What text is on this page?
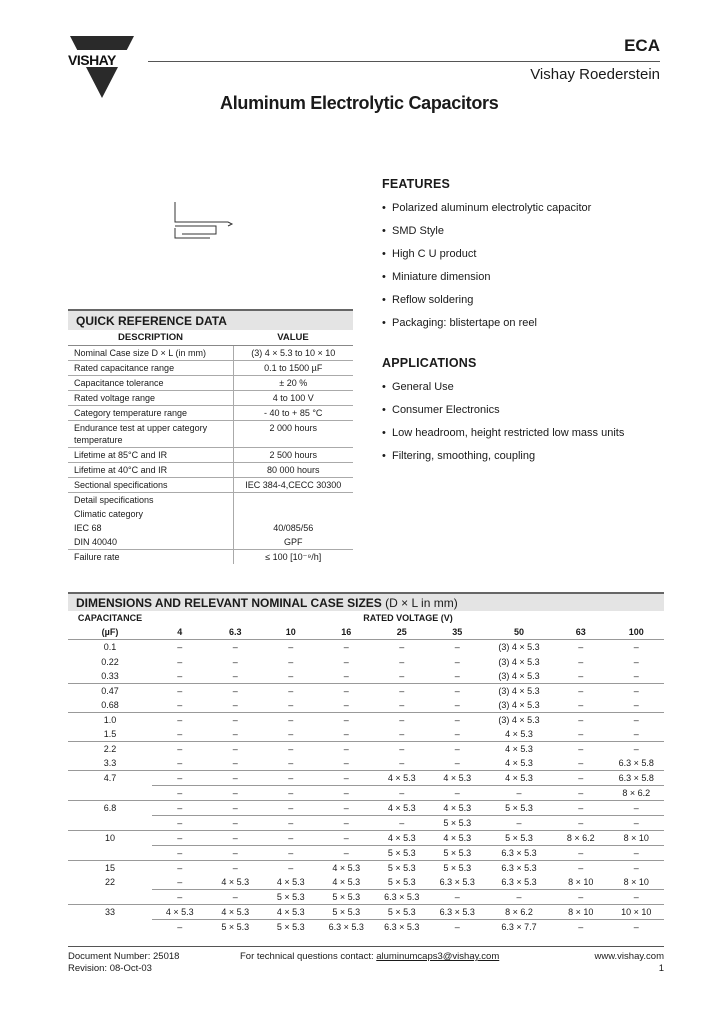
VISHAY
ECA
Vishay Roederstein
Aluminum Electrolytic Capacitors
FEATURES
• Polarized aluminum electrolytic capacitor
• SMD Style
• High C U product
• Miniature dimension
• Reflow soldering
• Packaging: blistertape on reel
APPLICATIONS
• General Use
• Consumer Electronics
• Low headroom, height restricted low mass units
• Filtering, smoothing, coupling
QUICK REFERENCE DATA
DESCRIPTION	VALUE
Nominal Case size D × L (in mm)	(3) 4 × 5.3 to 10 × 10
Rated capacitance range	0.1 to 1500 µF
Capacitance tolerance	± 20 %
Rated voltage range	4 to 100 V
Category temperature range	- 40 to + 85 °C
Endurance test at upper category temperature	2 000 hours
Lifetime at 85°C and IR	2 500 hours
Lifetime at 40°C and IR	80 000 hours
Sectional specifications	IEC 384-4,CECC 30300
Detail specifications	
Climatic category	
IEC 68	40/085/56
DIN 40040	GPF
Failure rate	≤ 100 [10⁻⁹/h]
DIMENSIONS AND RELEVANT NOMINAL CASE SIZES (D × L in mm)
CAPACITANCE	RATED VOLTAGE (V)								
(µF)	4	6.3	10	16	25	35	50	63	100
0.1	–	–	–	–	–	–	(3) 4 × 5.3	–	–
0.22	–	–	–	–	–	–	(3) 4 × 5.3	–	–
0.33	–	–	–	–	–	–	(3) 4 × 5.3	–	–
0.47	–	–	–	–	–	–	(3) 4 × 5.3	–	–
0.68	–	–	–	–	–	–	(3) 4 × 5.3	–	–
1.0	–	–	–	–	–	–	(3) 4 × 5.3	–	–
1.5	–	–	–	–	–	–	4 × 5.3	–	–
2.2	–	–	–	–	–	–	4 × 5.3	–	–
3.3	–	–	–	–	–	–	4 × 5.3	–	6.3 × 5.8
4.7	–	–	–	–	4 × 5.3	4 × 5.3	4 × 5.3	–	6.3 × 5.8
	–	–	–	–	–	–	–	–	8 × 6.2
6.8	–	–	–	–	4 × 5.3	4 × 5.3	5 × 5.3	–	–
	–	–	–	–	–	5 × 5.3	–	–	–
10	–	–	–	–	4 × 5.3	4 × 5.3	5 × 5.3	8 × 6.2	8 × 10
	–	–	–	–	5 × 5.3	5 × 5.3	6.3 × 5.3	–	–
15	–	–	–	4 × 5.3	5 × 5.3	5 × 5.3	6.3 × 5.3	–	–
22	–	4 × 5.3	4 × 5.3	4 × 5.3	5 × 5.3	6.3 × 5.3	6.3 × 5.3	8 × 10	8 × 10
	–	–	5 × 5.3	5 × 5.3	6.3 × 5.3	–	–	–	–
33	4 × 5.3	4 × 5.3	4 × 5.3	5 × 5.3	5 × 5.3	6.3 × 5.3	8 × 6.2	8 × 10	10 × 10
	–	5 × 5.3	5 × 5.3	6.3 × 5.3	6.3 × 5.3	–	6.3 × 7.7	–	–
Document Number: 25018
Revision: 08-Oct-03
For technical questions contact: aluminumcaps3@vishay.com	www.vishay.com
1
